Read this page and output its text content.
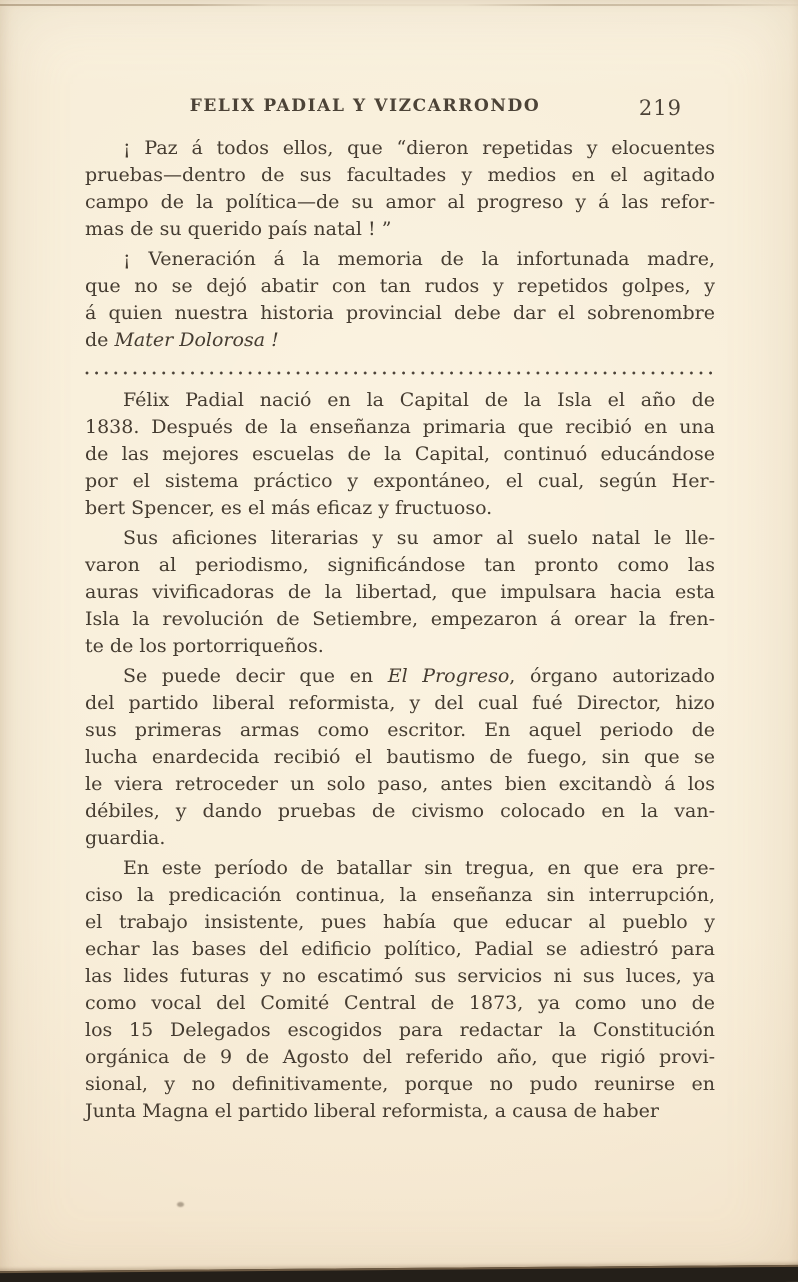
FELIX PADIAL Y VIZCARRONDO	219

¡ Paz á todos ellos, que “dieron repetidas y elocuentes
pruebas—dentro de sus facultades y medios en el agitado
campo de la política—de su amor al progreso y á las refor-
mas de su querido país natal ! ”

¡ Veneración á la memoria de la infortunada madre,
que no se dejó abatir con tan rudos y repetidos golpes, y
á quien nuestra historia provincial debe dar el sobrenombre
de Mater Dolorosa !

Félix Padial nació en la Capital de la Isla el año de
1838. Después de la enseñanza primaria que recibió en una
de las mejores escuelas de la Capital, continuó educándose
por el sistema práctico y expontáneo, el cual, según Her-
bert Spencer, es el más eficaz y fructuoso.

Sus aficiones literarias y su amor al suelo natal le lle-
varon al periodismo, significándose tan pronto como las
auras vivificadoras de la libertad, que impulsara hacia esta
Isla la revolución de Setiembre, empezaron á orear la fren-
te de los portorriqueños.

Se puede decir que en El Progreso, órgano autorizado
del partido liberal reformista, y del cual fué Director, hizo
sus primeras armas como escritor. En aquel periodo de
lucha enardecida recibió el bautismo de fuego, sin que se
le viera retroceder un solo paso, antes bien excitandò á los
débiles, y dando pruebas de civismo colocado en la van-
guardia.

En este período de batallar sin tregua, en que era pre-
ciso la predicación continua, la enseñanza sin interrupción,
el trabajo insistente, pues había que educar al pueblo y
echar las bases del edificio político, Padial se adiestró para
las lides futuras y no escatimó sus servicios ni sus luces, ya
como vocal del Comité Central de 1873, ya como uno de
los 15 Delegados escogidos para redactar la Constitución
orgánica de 9 de Agosto del referido año, que rigió provi-
sional, y no definitivamente, porque no pudo reunirse en
Junta Magna el partido liberal reformista, a causa de haber
